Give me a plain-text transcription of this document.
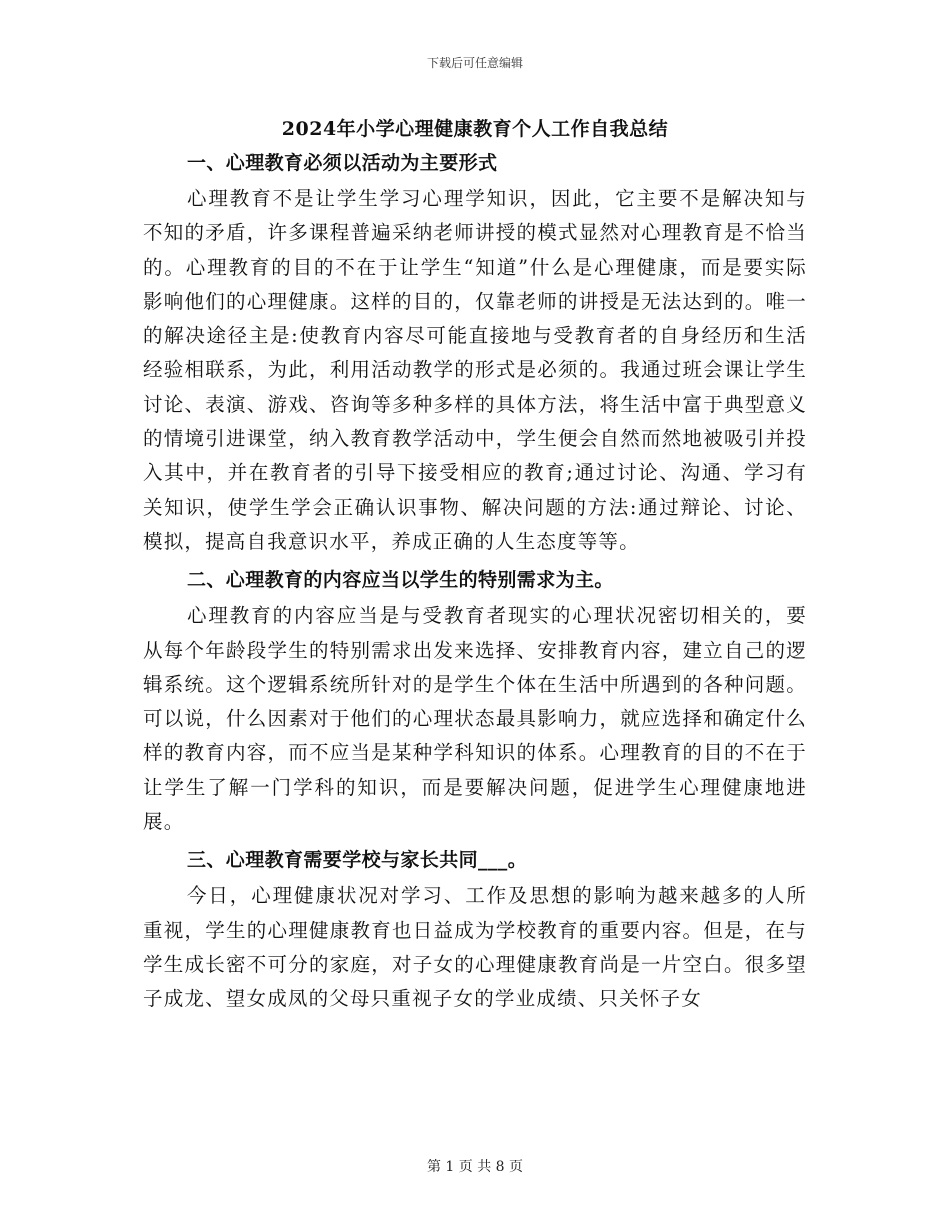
下载后可任意编辑
2024年小学心理健康教育个人工作自我总结

一、心理教育必须以活动为主要形式

心理教育不是让学生学习心理学知识，因此，它主要不是解决知与不知的矛盾，许多课程普遍采纳老师讲授的模式显然对心理教育是不恰当的。心理教育的目的不在于让学生“知道”什么是心理健康，而是要实际影响他们的心理健康。这样的目的，仅靠老师的讲授是无法达到的。唯一的解决途径主是:使教育内容尽可能直接地与受教育者的自身经历和生活经验相联系，为此，利用活动教学的形式是必须的。我通过班会课让学生讨论、表演、游戏、咨询等多种多样的具体方法，将生活中富于典型意义的情境引进课堂，纳入教育教学活动中，学生便会自然而然地被吸引并投入其中，并在教育者的引导下接受相应的教育;通过讨论、沟通、学习有关知识，使学生学会正确认识事物、解决问题的方法:通过辩论、讨论、模拟，提高自我意识水平，养成正确的人生态度等等。

二、心理教育的内容应当以学生的特别需求为主。

心理教育的内容应当是与受教育者现实的心理状况密切相关的，要从每个年龄段学生的特别需求出发来选择、安排教育内容，建立自己的逻辑系统。这个逻辑系统所针对的是学生个体在生活中所遇到的各种问题。可以说，什么因素对于他们的心理状态最具影响力，就应选择和确定什么样的教育内容，而不应当是某种学科知识的体系。心理教育的目的不在于让学生了解一门学科的知识，而是要解决问题，促进学生心理健康地进展。

三、心理教育需要学校与家长共同___。

今日，心理健康状况对学习、工作及思想的影响为越来越多的人所重视，学生的心理健康教育也日益成为学校教育的重要内容。但是，在与学生成长密不可分的家庭，对子女的心理健康教育尚是一片空白。很多望子成龙、望女成凤的父母只重视子女的学业成绩、只关怀子女

第 1 页 共 8 页
